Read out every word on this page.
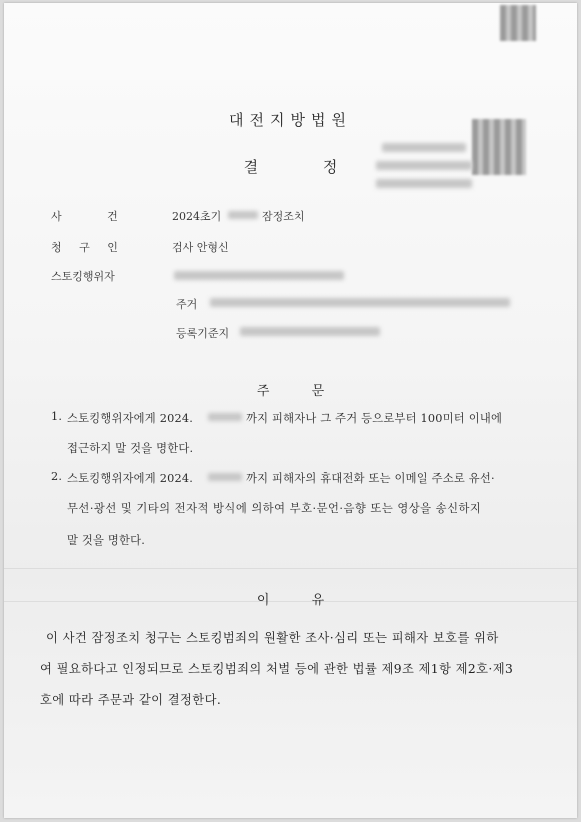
대전지방법원
결 정
사 건	2024초기	잠정조치
청 구 인	검사 안형신
스토킹행위자
주거
등록기준지
주 문
1. 스토킹행위자에게 2024.	까지 피해자나 그 주거 등으로부터 100미터 이내에
접근하지 말 것을 명한다.
2. 스토킹행위자에게 2024.	까지 피해자의 휴대전화 또는 이메일 주소로 유선·
무선·광선 및 기타의 전자적 방식에 의하여 부호·문언·음향 또는 영상을 송신하지
말 것을 명한다.
이 유
이 사건 잠정조치 청구는 스토킹범죄의 원활한 조사·심리 또는 피해자 보호를 위하
여 필요하다고 인정되므로 스토킹범죄의 처벌 등에 관한 법률 제9조 제1항 제2호·제3
호에 따라 주문과 같이 결정한다.
